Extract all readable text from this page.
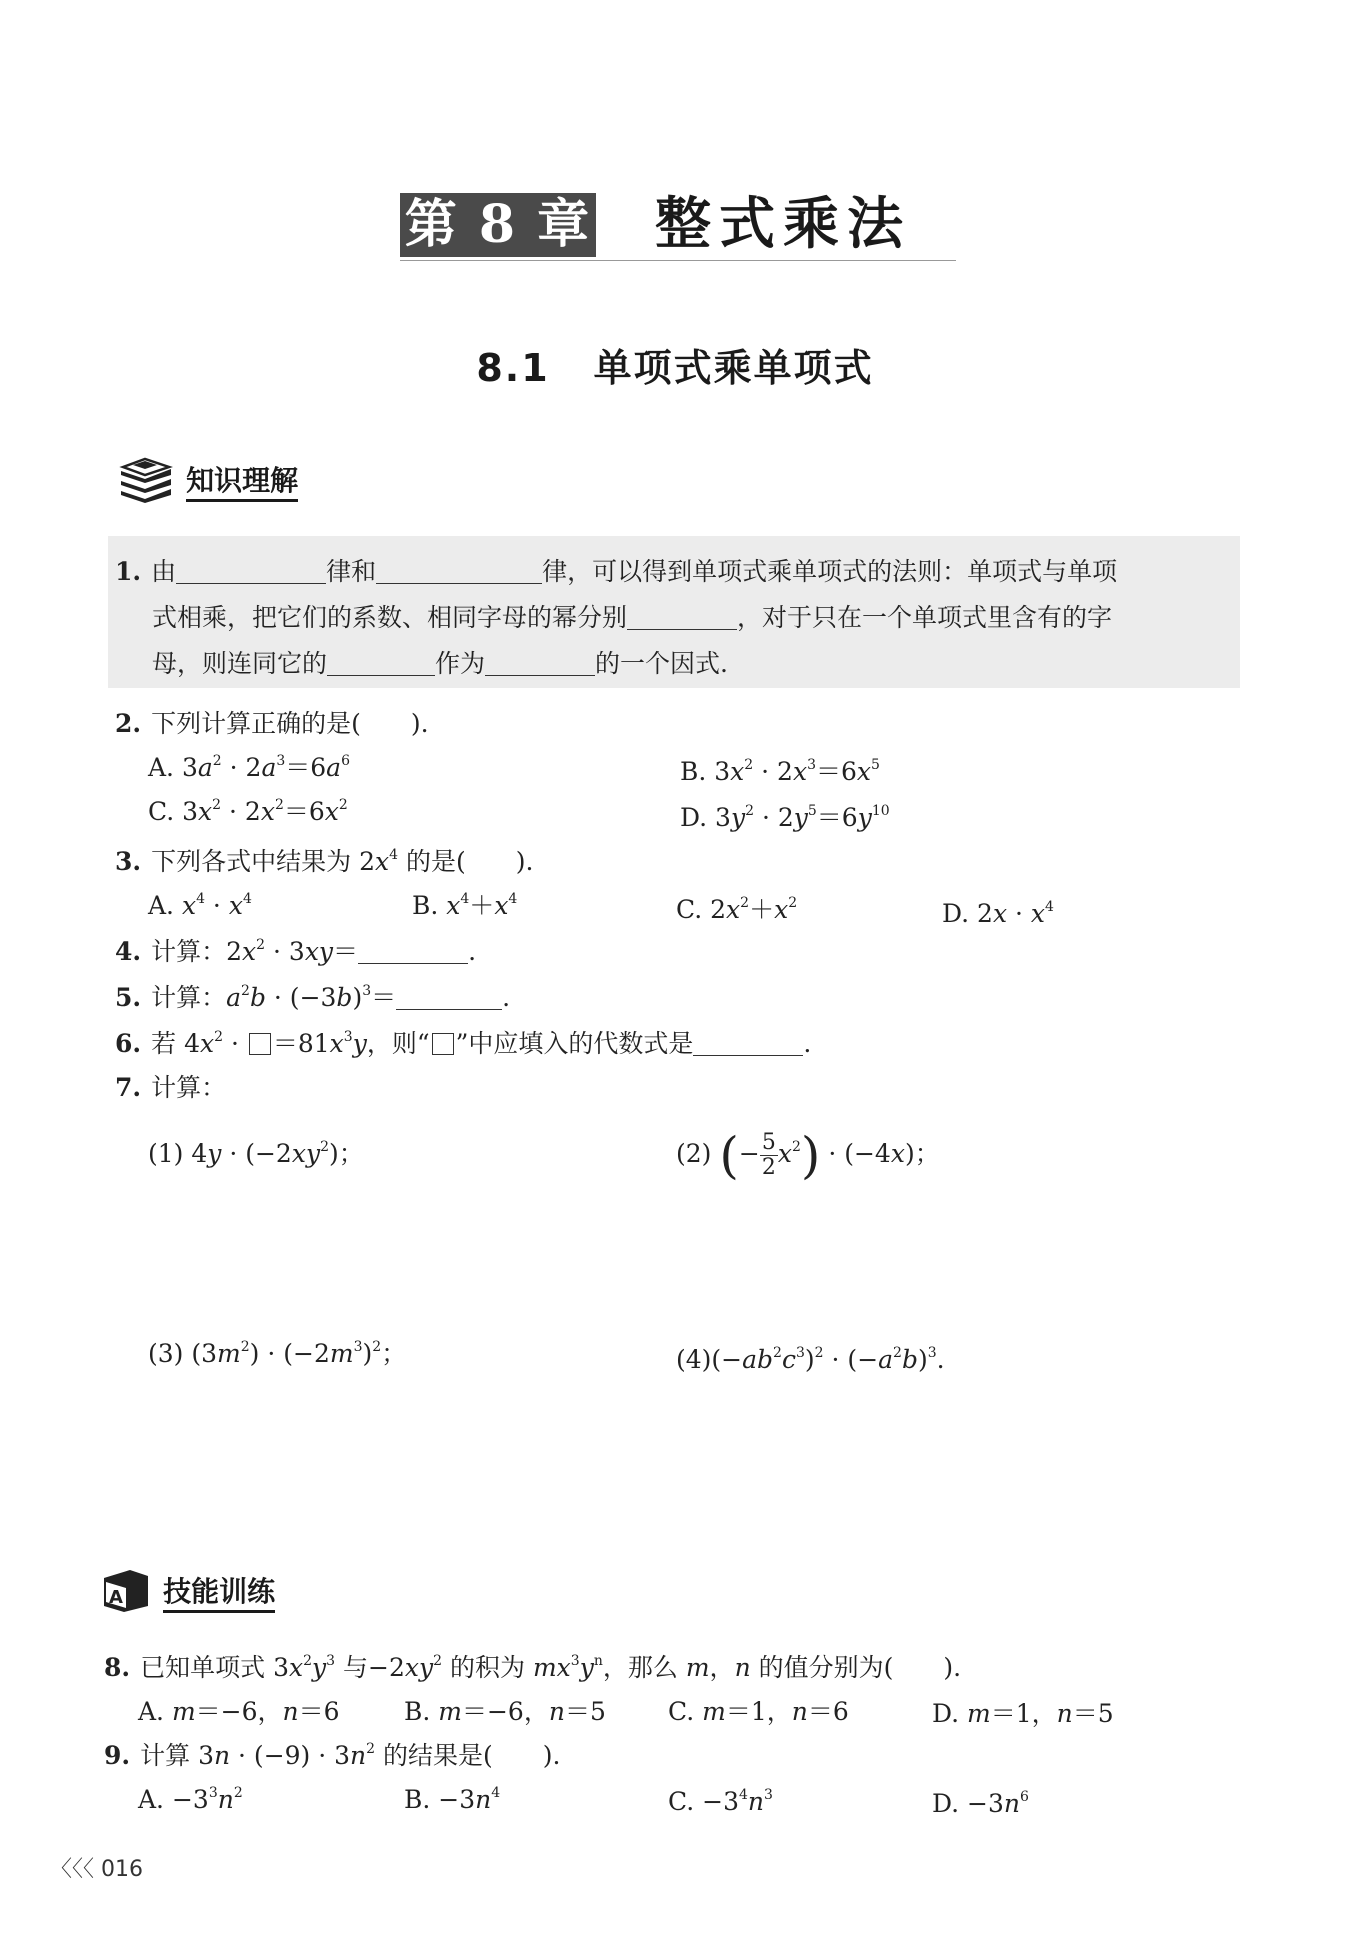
第 8 章 整式乘法
8.1 单项式乘单项式
知识理解
1. 由	律和	律，可以得到单项式乘单项式的法则：单项式与单项
式相乘，把它们的系数、相同字母的幂分别	，对于只在一个单项式里含有的字
母，则连同它的	作为	的一个因式.
2. 下列计算正确的是(　　).
A. $3a^2 \cdot 2a^3=6a^6$	B. $3x^2 \cdot 2x^3=6x^5$
C. $3x^2 \cdot 2x^2=6x^2$	D. $3y^2 \cdot 2y^5=6y^{10}$
3. 下列各式中结果为 $2x^4$ 的是(　　).
A. $x^4 \cdot x^4$	B. $x^4+x^4$	C. $2x^2+x^2$	D. $2x \cdot x^4$
4. 计算：$2x^2 \cdot 3xy=$	.
5. 计算：$a^2b \cdot (-3b)^3=$	.
6. 若 $4x^2 \cdot =81x^3y$，则“ ”中应填入的代数式是	.
7. 计算：
(1) $4y \cdot (-2xy^2)$；	(2) (− $\frac{5}{2} x^2) \cdot (-4x)$；
(3) $(3m^2) \cdot (-2m^3)^2$；	$(4)(-ab^2c^3)^2 \cdot (-a^2b)^3$.
A 技能训练
8. 已知单项式 $3x^2y^3$ 与$-2xy^2$ 的积为 $mx^3y^n$，那么 m，n 的值分别为(　　).
A. m＝−6，n＝6	B. m＝−6，n＝5 C. m＝1，n＝6	D. m＝1，n＝5
9. 计算 $3n \cdot (-9) \cdot 3n^2$ 的结果是(　　).
A. $-3^3n^2$	B. $-3n^4$	C. $-3^4n^3$	D. $-3n^6$
〈〈〈 016
